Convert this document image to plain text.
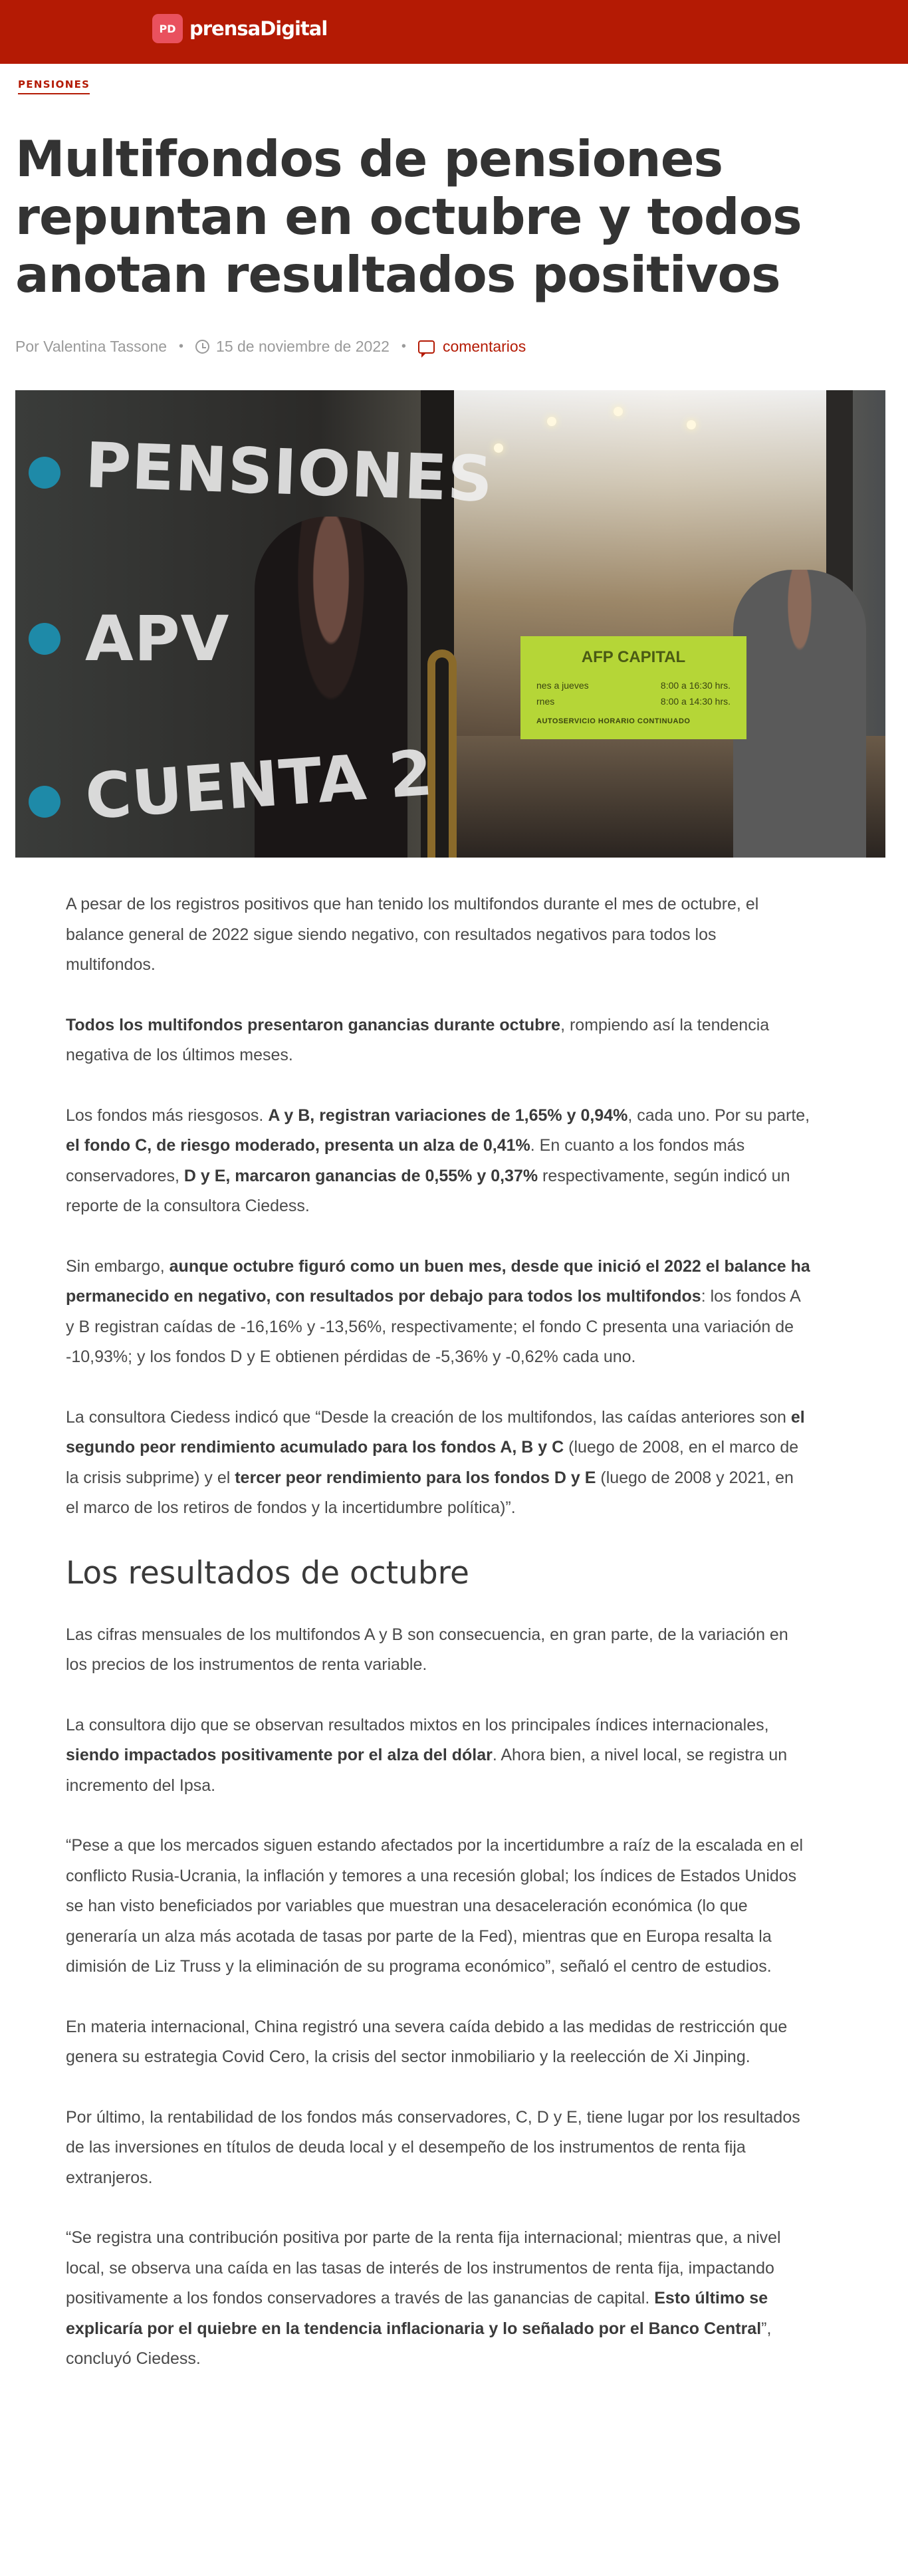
PD prensaDigital
PENSIONES
Multifondos de pensiones repuntan en octubre y todos anotan resultados positivos
Por Valentina Tassone • 15 de noviembre de 2022 • comentarios
AFP CAPITAL
nes a jueves	8:00 a 16:30 hrs.
rnes	8:00 a 14:30 hrs.
AUTOSERVICIO HORARIO CONTINUADO
PENSIONES
APV
CUENTA 2

A pesar de los registros positivos que han tenido los multifondos durante el mes de octubre, el balance general de 2022 sigue siendo negativo, con resultados negativos para todos los multifondos.

Todos los multifondos presentaron ganancias durante octubre, rompiendo así la tendencia negativa de los últimos meses.

Los fondos más riesgosos. A y B, registran variaciones de 1,65% y 0,94%, cada uno. Por su parte, el fondo C, de riesgo moderado, presenta un alza de 0,41%. En cuanto a los fondos más conservadores, D y E, marcaron ganancias de 0,55% y 0,37% respectivamente, según indicó un reporte de la consultora Ciedess.

Sin embargo, aunque octubre figuró como un buen mes, desde que inició el 2022 el balance ha permanecido en negativo, con resultados por debajo para todos los multifondos: los fondos A y B registran caídas de -16,16% y -13,56%, respectivamente; el fondo C presenta una variación de -10,93%; y los fondos D y E obtienen pérdidas de -5,36% y -0,62% cada uno.

La consultora Ciedess indicó que “Desde la creación de los multifondos, las caídas anteriores son el segundo peor rendimiento acumulado para los fondos A, B y C (luego de 2008, en el marco de la crisis subprime) y el tercer peor rendimiento para los fondos D y E (luego de 2008 y 2021, en el marco de los retiros de fondos y la incertidumbre política)”.

Los resultados de octubre

Las cifras mensuales de los multifondos A y B son consecuencia, en gran parte, de la variación en los precios de los instrumentos de renta variable.

La consultora dijo que se observan resultados mixtos en los principales índices internacionales, siendo impactados positivamente por el alza del dólar. Ahora bien, a nivel local, se registra un incremento del Ipsa.

“Pese a que los mercados siguen estando afectados por la incertidumbre a raíz de la escalada en el conflicto Rusia-Ucrania, la inflación y temores a una recesión global; los índices de Estados Unidos se han visto beneficiados por variables que muestran una desaceleración económica (lo que generaría un alza más acotada de tasas por parte de la Fed), mientras que en Europa resalta la dimisión de Liz Truss y la eliminación de su programa económico”, señaló el centro de estudios.

En materia internacional, China registró una severa caída debido a las medidas de restricción que genera su estrategia Covid Cero, la crisis del sector inmobiliario y la reelección de Xi Jinping.

Por último, la rentabilidad de los fondos más conservadores, C, D y E, tiene lugar por los resultados de las inversiones en títulos de deuda local y el desempeño de los instrumentos de renta fija extranjeros.

“Se registra una contribución positiva por parte de la renta fija internacional; mientras que, a nivel local, se observa una caída en las tasas de interés de los instrumentos de renta fija, impactando positivamente a los fondos conservadores a través de las ganancias de capital. Esto último se explicaría por el quiebre en la tendencia inflacionaria y lo señalado por el Banco Central”, concluyó Ciedess.
